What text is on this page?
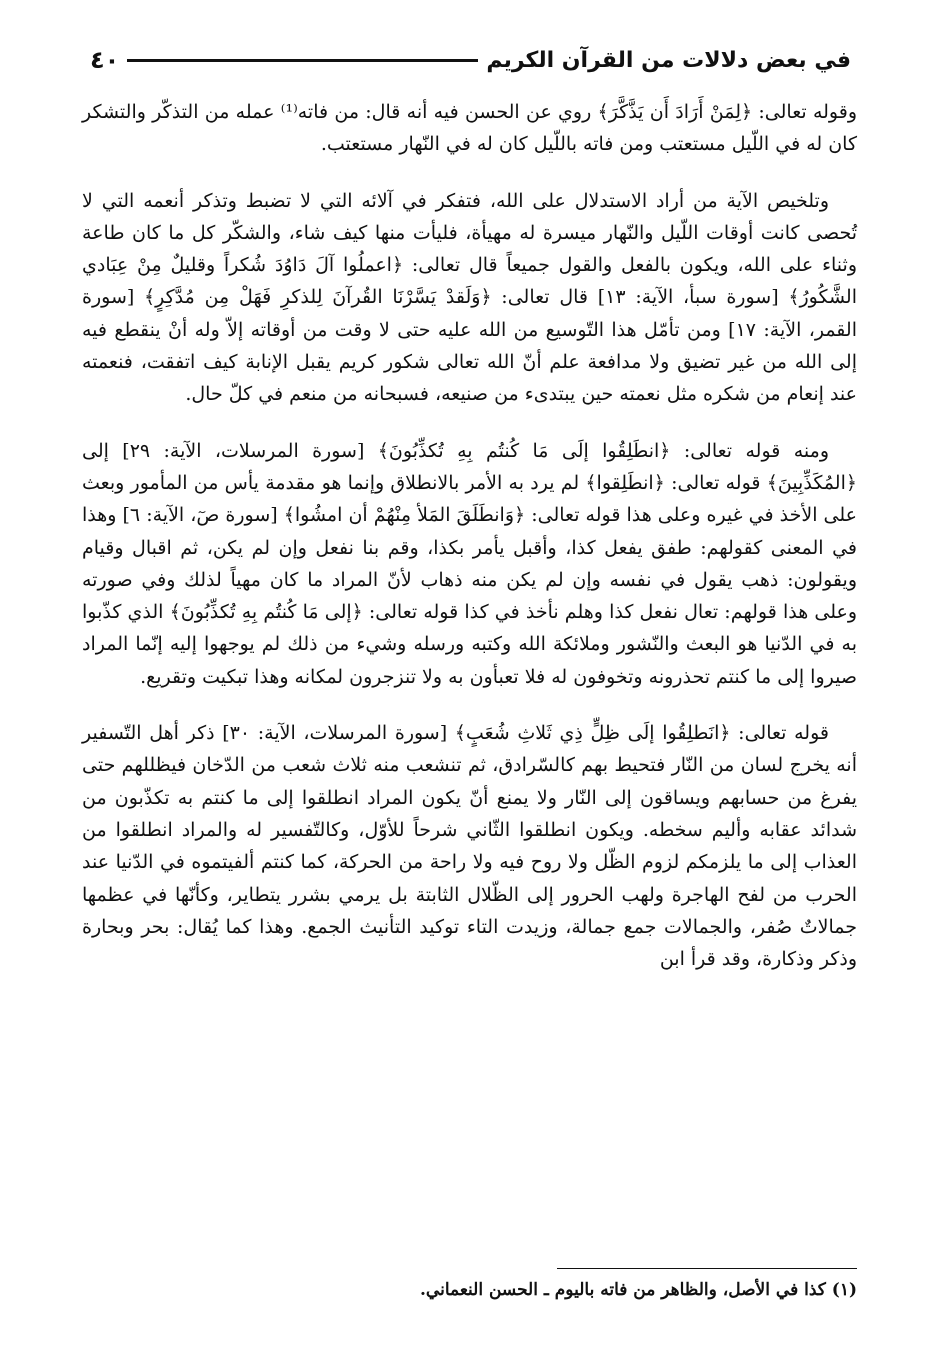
٤٠	في بعض دلالات من القرآن الكريم

وقوله تعالى: ﴿لِمَنْ أَرَادَ أَن يَذَّكَّرَ﴾ روي عن الحسن فيه أنه قال: من فاته⁽¹⁾ عمله من التذكّر والتشكر كان له في اللّيل مستعتب ومن فاته باللّيل كان له في النّهار مستعتب.

وتلخيص الآية من أراد الاستدلال على الله، فتفكر في آلائه التي لا تضبط وتذكر أنعمه التي لا تُحصى كانت أوقات اللّيل والنّهار ميسرة له مهيأة، فليأت منها كيف شاء، والشكّر كل ما كان طاعة وثناء على الله، ويكون بالفعل والقول جميعاً قال تعالى: ﴿اعملُوا آلَ دَاوُدَ شُكراً وقليلٌ مِنْ عِبَادي الشَّكُورُ﴾ [سورة سبأ، الآية: ١٣] قال تعالى: ﴿وَلَقدْ يَسَّرْنَا القُرآنَ لِلذكرِ فَهَلْ مِن مُدَّكِرٍ﴾ [سورة القمر، الآية: ١٧] ومن تأمّل هذا التّوسيع من الله عليه حتى لا وقت من أوقاته إلاّ وله أنْ ينقطع فيه إلى الله من غير تضيق ولا مدافعة علم أنّ الله تعالى شكور كريم يقبل الإنابة كيف اتفقت، فنعمته عند إنعام من شكره مثل نعمته حين يبتدىء من صنيعه، فسبحانه من منعم في كلّ حال.

ومنه قوله تعالى: ﴿انطَلِقُوا إلَى مَا كُنتُم بِهِ تُكذِّبُونَ﴾ [سورة المرسلات، الآية: ٢٩] إلى ﴿المُكَذِّبِينَ﴾ قوله تعالى: ﴿انطَلِقوا﴾ لم يرد به الأمر بالانطلاق وإنما هو مقدمة يأس من المأمور وبعث على الأخذ في غيره وعلى هذا قوله تعالى: ﴿وَانطَلَقَ المَلأ مِنْهُمْ أن امشُوا﴾ [سورة صٓ، الآية: ٦] وهذا في المعنى كقولهم: طفق يفعل كذا، وأقبل يأمر بكذا، وقم بنا نفعل وإن لم يكن، ثم اقبال وقيام ويقولون: ذهب يقول في نفسه وإن لم يكن منه ذهاب لأنّ المراد ما كان مهياً لذلك وفي صورته وعلى هذا قولهم: تعال نفعل كذا وهلم نأخذ في كذا قوله تعالى: ﴿إلى مَا كُنتُم بِهِ تُكذِّبُونَ﴾ الذي كذّبوا به في الدّنيا هو البعث والنّشور وملائكة الله وكتبه ورسله وشيء من ذلك لم يوجهوا إليه إنّما المراد صيروا إلى ما كنتم تحذرونه وتخوفون له فلا تعبأون به ولا تنزجرون لمكانه وهذا تبكيت وتقريع.

قوله تعالى: ﴿انَطلِقُوا إلَى ظِلٍّ ذِي ثَلاثِ شُعَبٍ﴾ [سورة المرسلات، الآية: ٣٠] ذكر أهل التّسفير أنه يخرج لسان من النّار فتحيط بهم كالسّرادق، ثم تنشعب منه ثلاث شعب من الدّخان فيظللهم حتى يفرغ من حسابهم ويساقون إلى النّار ولا يمنع أنّ يكون المراد انطلقوا إلى ما كنتم به تكذّبون من شدائد عقابه وأليم سخطه. ويكون انطلقوا الثّاني شرحاً للأوّل، وكالتّفسير له والمراد انطلقوا من العذاب إلى ما يلزمكم لزوم الظّل ولا روح فيه ولا راحة من الحركة، كما كنتم ألفيتموه في الدّنيا عند الحرب من لفح الهاجرة ولهب الحرور إلى الظّلال الثابتة بل يرمي بشرر يتطاير، وكأنّها في عظمها جمالاتٌ صُفر، والجمالات جمع جمالة، وزيدت التاء توكيد التأنيث الجمع. وهذا كما يُقال: بحر وبحارة وذكر وذكارة، وقد قرأ ابن

(١) كذا في الأصل، والظاهر من فاته باليوم ـ الحسن النعماني.
